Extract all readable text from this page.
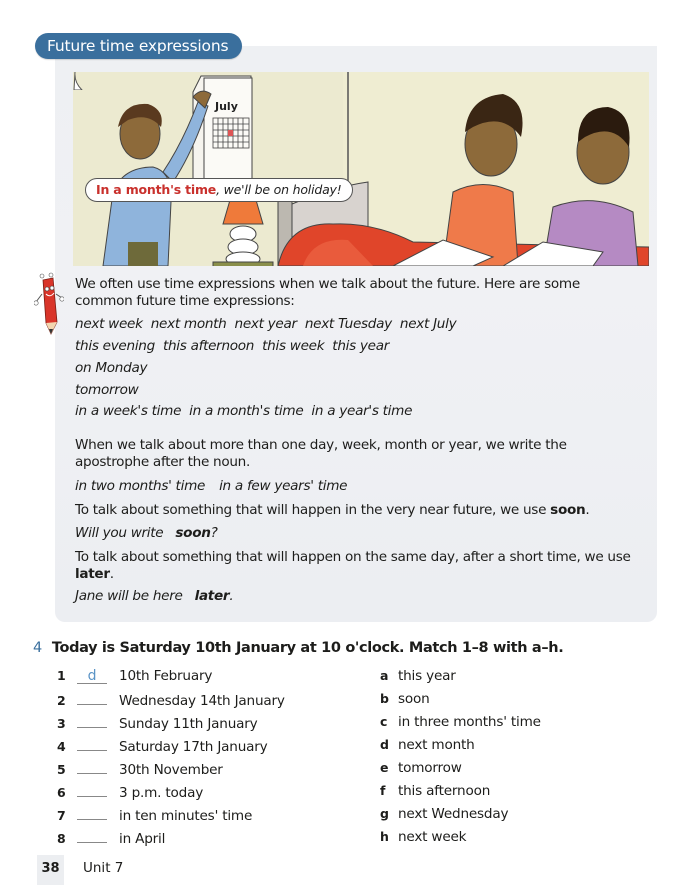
Future time expressions
July
In a month's time, we'll be on holiday!

We often use time expressions when we talk about the future. Here are some common future time expressions:

next week next month next year next Tuesday next July

this evening this afternoon this week this year

on Monday

tomorrow

in a week's time in a month's time in a year's time

When we talk about more than one day, week, month or year, we write the apostrophe after the noun.

in two months' time in a few years' time

To talk about something that will happen in the very near future, we use soon.

Will you write soon?

To talk about something that will happen on the same day, after a short time, we use later.

Jane will be here later.

4 Today is Saturday 10th January at 10 o'clock. Match 1–8 with a–h.
1 d 10th February
2	Wednesday 14th January
3	Sunday 11th January
4	Saturday 17th January
5	30th November
6	3 p.m. today
7	in ten minutes' time
8	in April
a this year
b soon
c in three months' time
d next month
e tomorrow
f this afternoon
g next Wednesday
h next week
38	Unit 7
